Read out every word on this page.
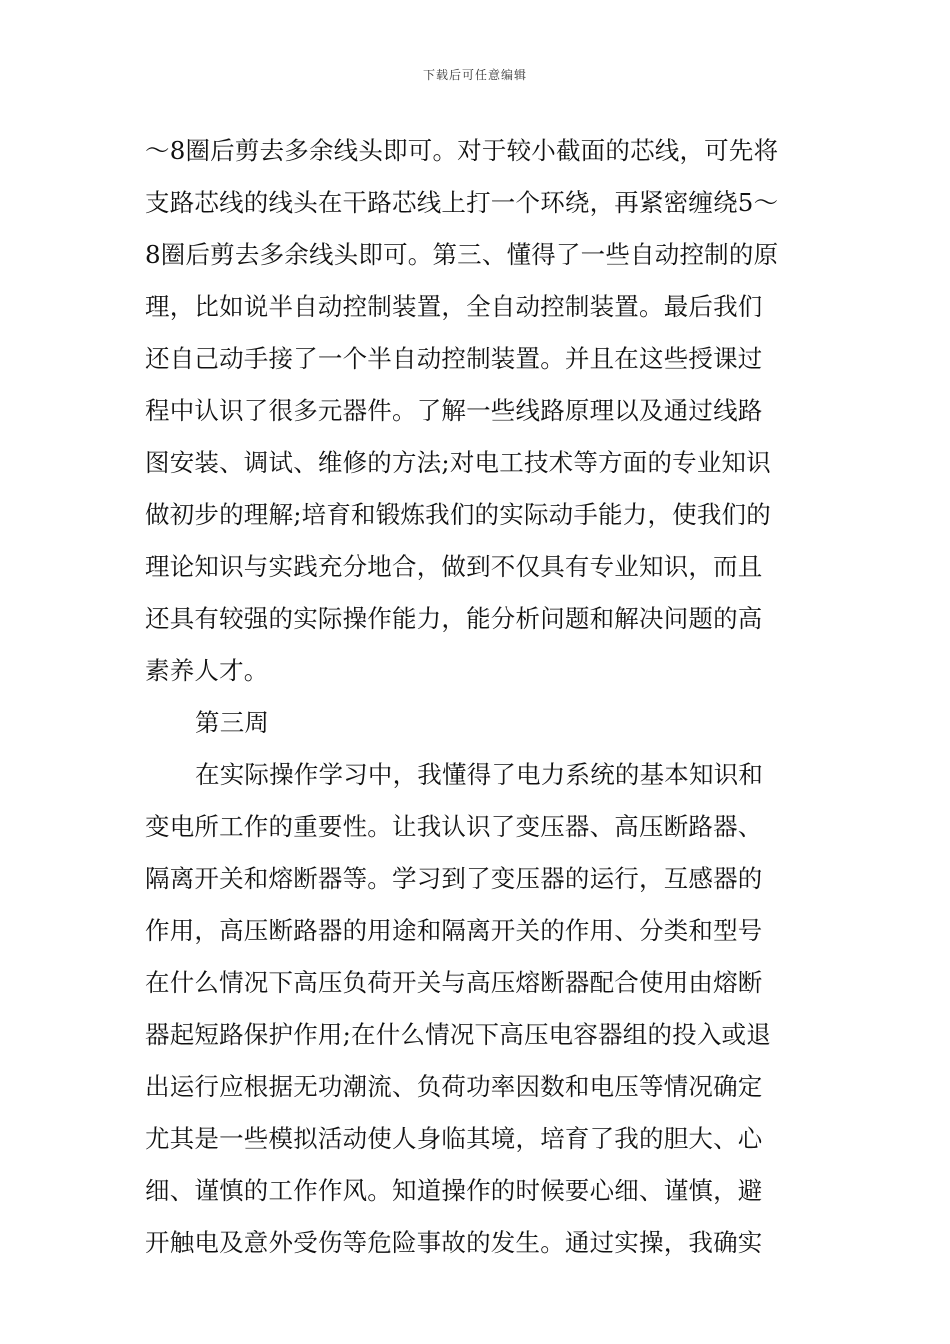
下载后可任意编辑
～8圈后剪去多余线头即可。对于较小截面的芯线，可先将
支路芯线的线头在干路芯线上打一个环绕，再紧密缠绕5～
8圈后剪去多余线头即可。第三、懂得了一些自动控制的原
理，比如说半自动控制装置，全自动控制装置。最后我们
还自己动手接了一个半自动控制装置。并且在这些授课过
程中认识了很多元器件。了解一些线路原理以及通过线路
图安装、调试、维修的方法;对电工技术等方面的专业知识
做初步的理解;培育和锻炼我们的实际动手能力，使我们的
理论知识与实践充分地合，做到不仅具有专业知识，而且
还具有较强的实际操作能力，能分析问题和解决问题的高
素养人才。
第三周
在实际操作学习中，我懂得了电力系统的基本知识和
变电所工作的重要性。让我认识了变压器、高压断路器、
隔离开关和熔断器等。学习到了变压器的运行，互感器的
作用，高压断路器的用途和隔离开关的作用、分类和型号
在什么情况下高压负荷开关与高压熔断器配合使用由熔断
器起短路保护作用;在什么情况下高压电容器组的投入或退
出运行应根据无功潮流、负荷功率因数和电压等情况确定
尤其是一些模拟活动使人身临其境，培育了我的胆大、心
细、谨慎的工作作风。知道操作的时候要心细、谨慎，避
开触电及意外受伤等危险事故的发生。通过实操，我确实
